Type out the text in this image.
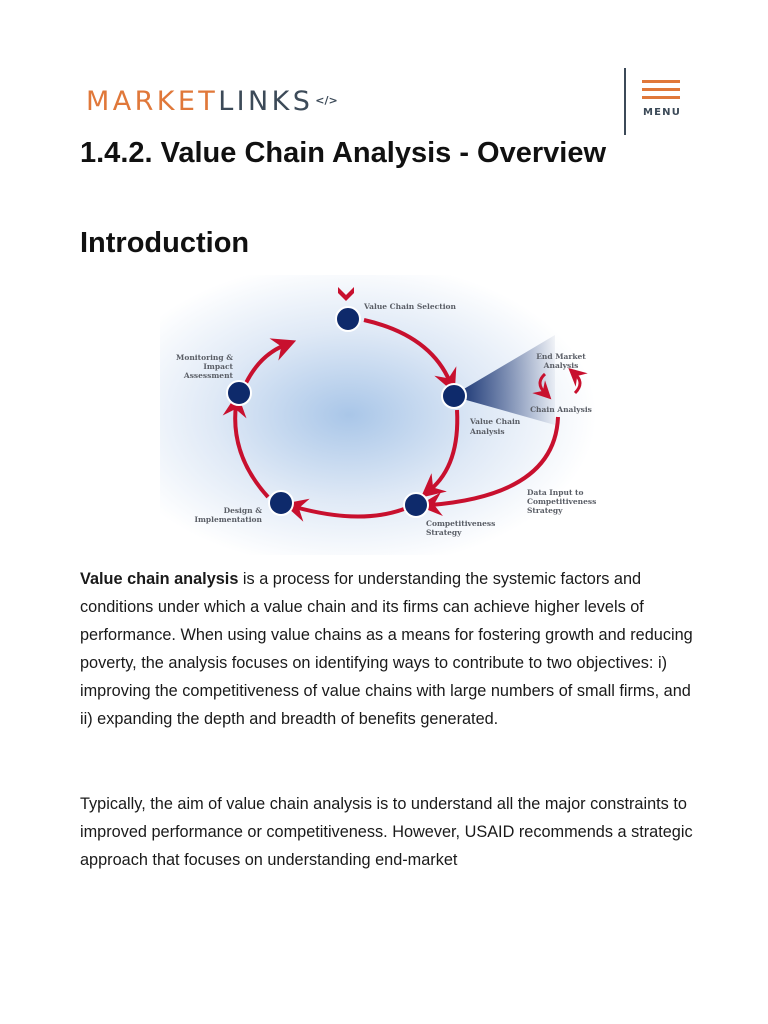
MARKETLINKS </>
MENU
1.4.2. Value Chain Analysis - Overview
Introduction
Value Chain Selection
Value Chain
Analysis
Competitiveness
Strategy
Design &
Implementation
Monitoring &
Impact
Assessment
End Market
Analysis
Chain Analysis
Data Input to
Competitiveness
Strategy

Value chain analysis is a process for understanding the systemic factors and conditions under which a value chain and its firms can achieve higher levels of performance. When using value chains as a means for fostering growth and reducing poverty, the analysis focuses on identifying ways to contribute to two objectives: i) improving the competitiveness of value chains with large numbers of small firms, and ii) expanding the depth and breadth of benefits generated.

Typically, the aim of value chain analysis is to understand all the major constraints to improved performance or competitiveness. However, USAID recommends a strategic approach that focuses on understanding end-market
